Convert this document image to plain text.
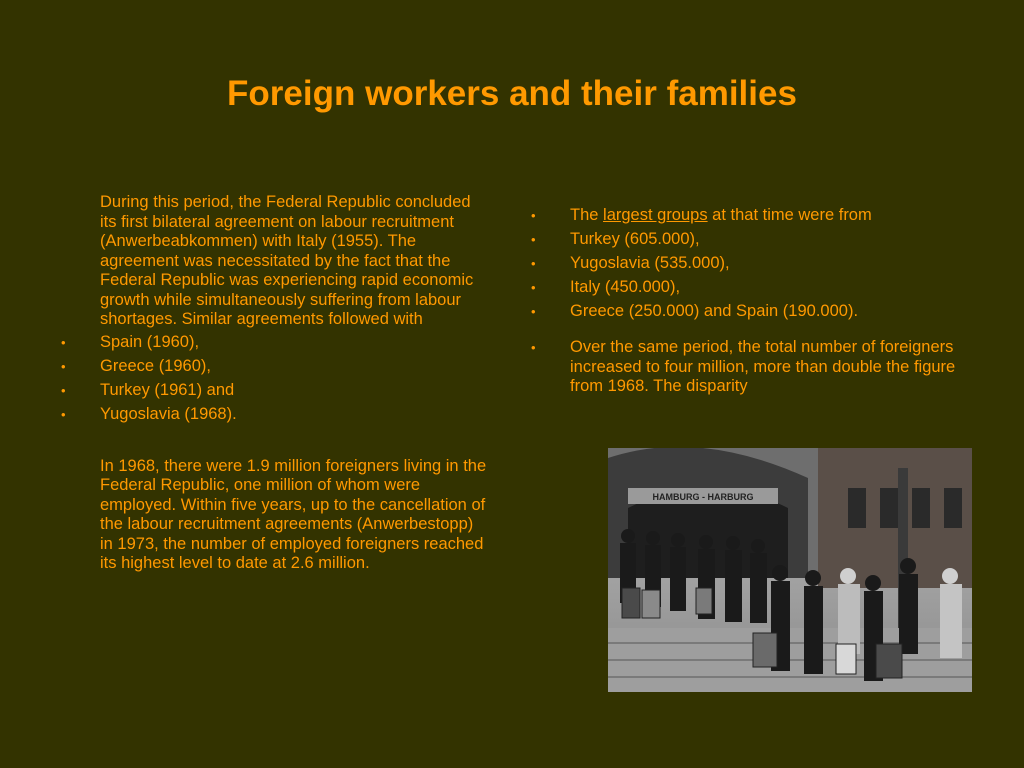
Foreign workers and their families

During this period, the Federal Republic concluded its first bilateral agreement on labour recruitment (Anwerbeabkommen) with Italy (1955). The agreement was necessitated by the fact that the Federal Republic was experiencing rapid economic growth while simultaneously suffering from labour shortages. Similar agreements followed with

• Spain (1960),
• Greece (1960),
• Turkey (1961) and
• Yugoslavia (1968).

In 1968, there were 1.9 million foreigners living in the Federal Republic, one million of whom were employed. Within five years, up to the cancellation of the labour recruitment agreements (Anwerbestopp) in 1973, the number of employed foreigners reached its highest level to date at 2.6 million.

• The largest groups at that time were from
• Turkey (605.000),
• Yugoslavia (535.000),
• Italy (450.000),
• Greece (250.000) and Spain (190.000).
• Over the same period, the total number of foreigners increased to four million, more than double the figure from 1968. The disparity
HAMBURG - HARBURG
